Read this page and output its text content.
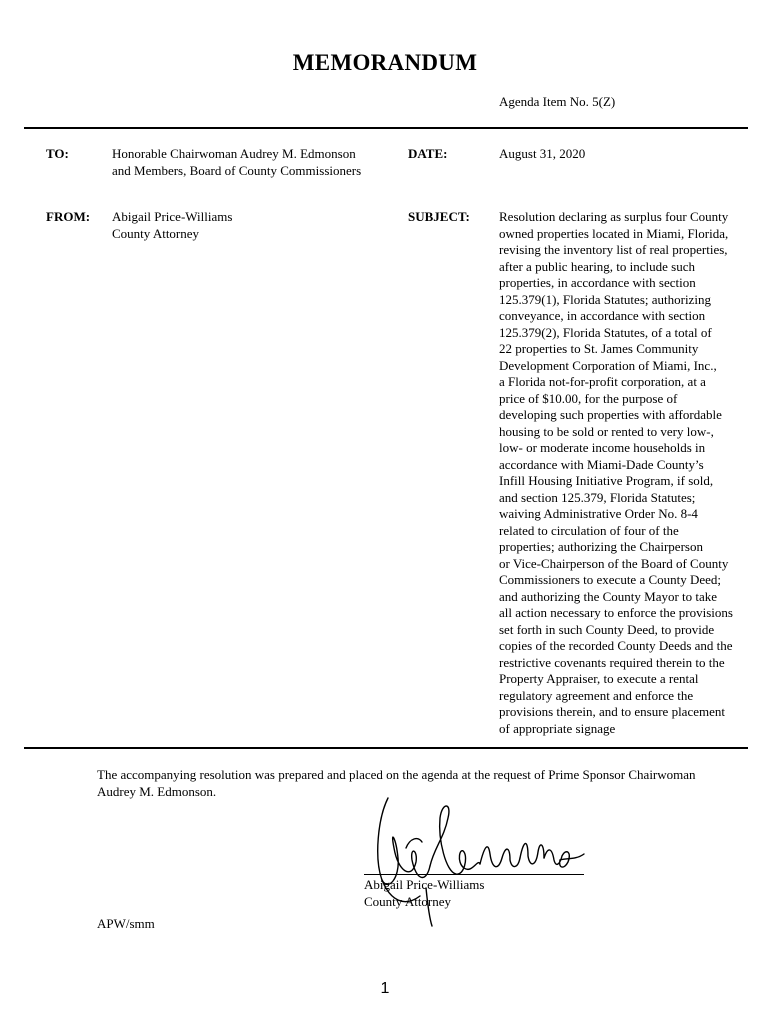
MEMORANDUM
Agenda Item No. 5(Z)
TO:	Honorable Chairwoman Audrey M. Edmonson
and Members, Board of County Commissioners
DATE:	August 31, 2020
FROM: Abigail Price-Williams
County Attorney
SUBJECT: Resolution declaring as surplus four County
owned properties located in Miami, Florida,
revising the inventory list of real properties,
after a public hearing, to include such
properties, in accordance with section
125.379(1), Florida Statutes; authorizing
conveyance, in accordance with section
125.379(2), Florida Statutes, of a total of
22 properties to St. James Community
Development Corporation of Miami, Inc.,
a Florida not-for-profit corporation, at a
price of $10.00, for the purpose of
developing such properties with affordable
housing to be sold or rented to very low-,
low- or moderate income households in
accordance with Miami-Dade County’s
Infill Housing Initiative Program, if sold,
and section 125.379, Florida Statutes;
waiving Administrative Order No. 8-4
related to circulation of four of the
properties; authorizing the Chairperson
or Vice-Chairperson of the Board of County
Commissioners to execute a County Deed;
and authorizing the County Mayor to take
all action necessary to enforce the provisions
set forth in such County Deed, to provide
copies of the recorded County Deeds and the
restrictive covenants required therein to the
Property Appraiser, to execute a rental
regulatory agreement and enforce the
provisions therein, and to ensure placement
of appropriate signage
The accompanying resolution was prepared and placed on the agenda at the request of Prime Sponsor Chairwoman Audrey M. Edmonson.
Abigail Price-Williams
County Attorney
APW/smm
1
